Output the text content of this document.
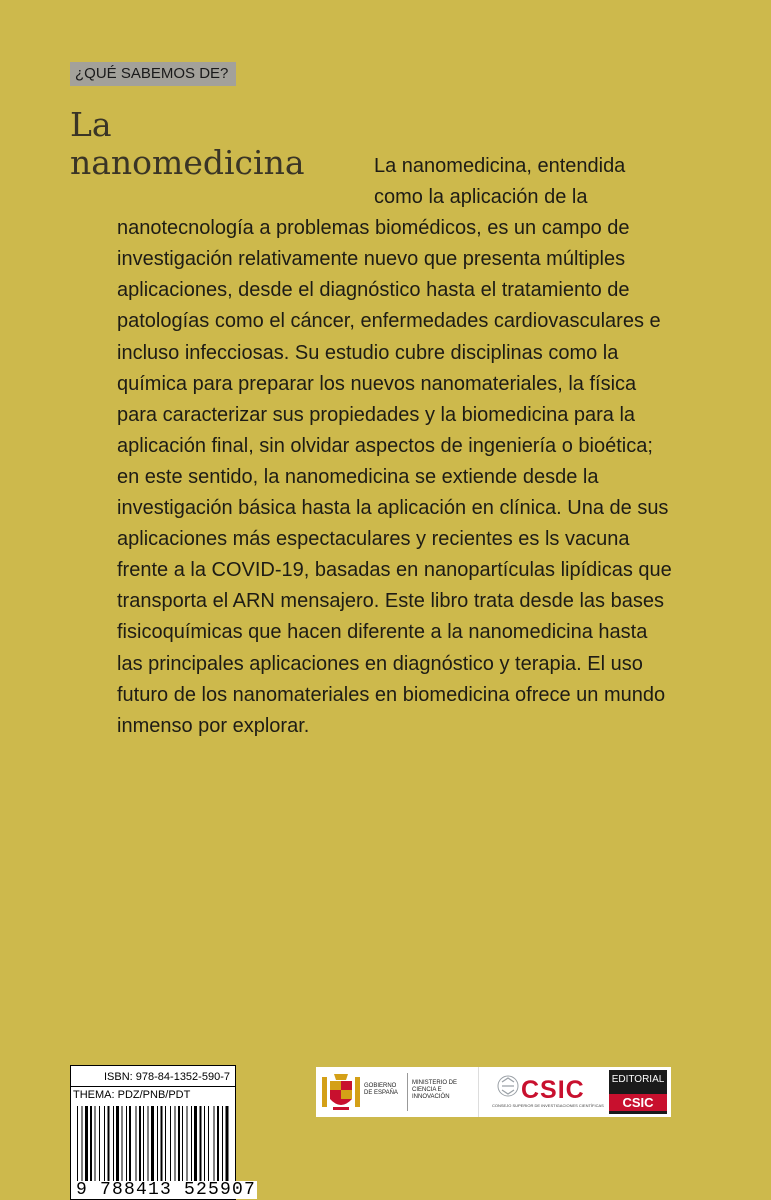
¿QUÉ SABEMOS DE?
La
nanomedicina	La nanomedicina, entendida como la aplicación de la nanotecnología a problemas biomédicos, es un campo de investigación relativamente nuevo que presenta múltiples aplicaciones, desde el diagnóstico hasta el tratamiento de patologías como el cáncer, enfermedades cardiovasculares e incluso infecciosas. Su estudio cubre disciplinas como la química para preparar los nuevos nanomateriales, la física para caracterizar sus propiedades y la biomedicina para la aplicación final, sin olvidar aspectos de ingeniería o bioética; en este sentido, la nanomedicina se extiende desde la investigación básica hasta la aplicación en clínica. Una de sus aplicaciones más espectaculares y recientes es ls vacuna frente a la COVID-19, basadas en nanopartículas lipídicas que transporta el ARN mensajero. Este libro trata desde las bases fisicoquímicas que hacen diferente a la nanomedicina hasta las principales aplicaciones en diagnóstico y terapia. El uso futuro de los nanomateriales en biomedicina ofrece un mundo inmenso por explorar.

ISBN: 978-84-1352-590-7
THEMA: PDZ/PNB/PDT
9 788413 525907
GOBIERNO DE ESPAÑA
MINISTERIO DE CIENCIA E INNOVACIÓN	CSIC
CONSEJO SUPERIOR DE INVESTIGACIONES CIENTÍFICAS
EDITORIAL
CSIC
